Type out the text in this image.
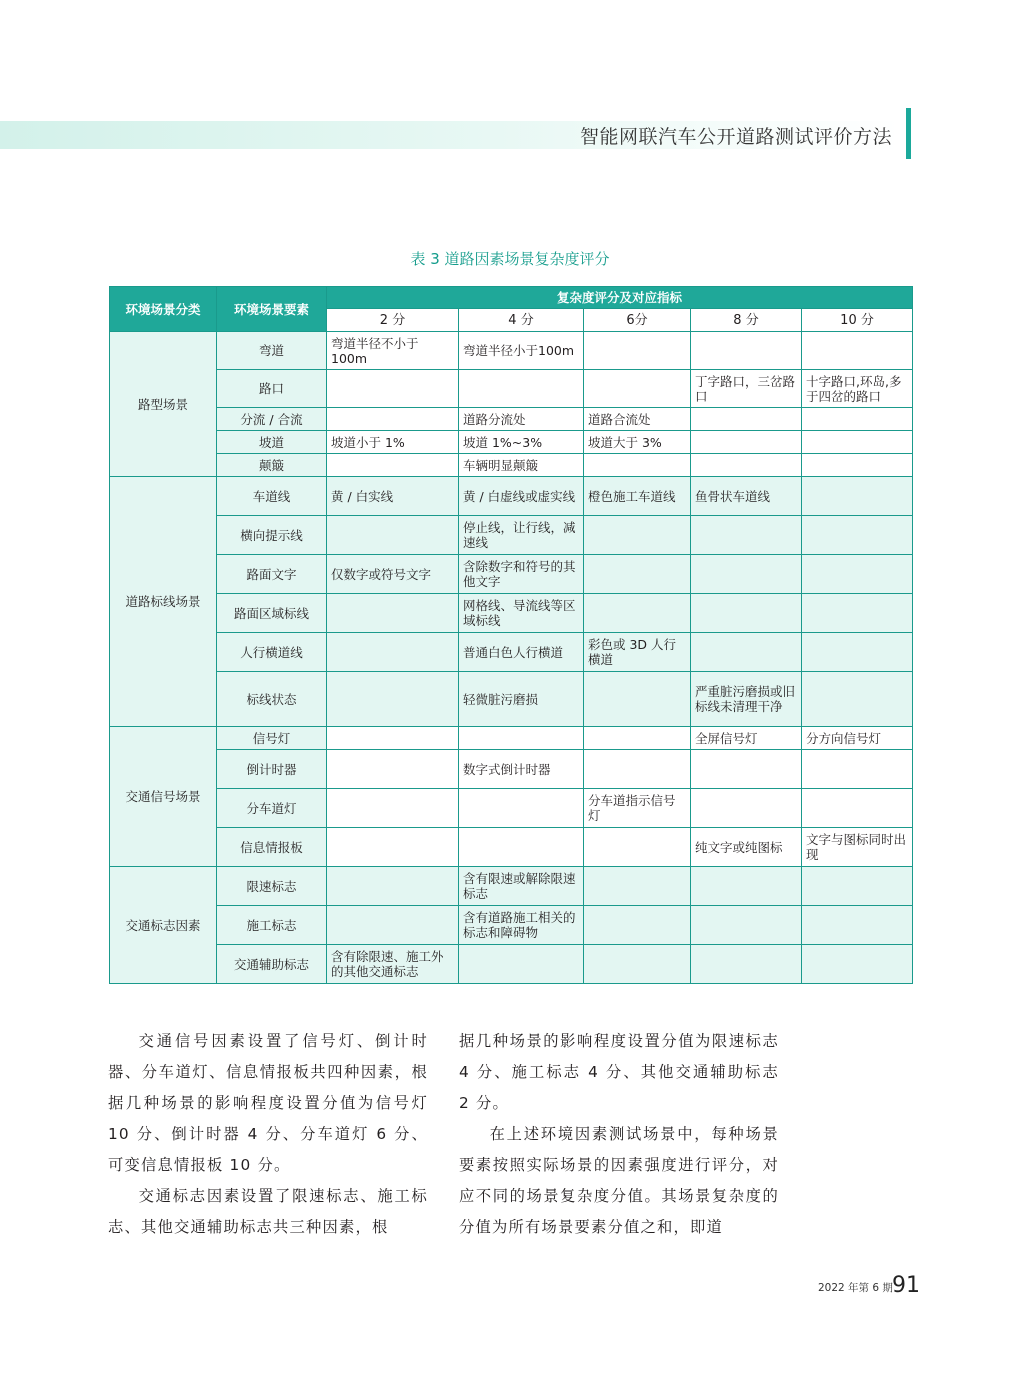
智能网联汽车公开道路测试评价方法
表 3 道路因素场景复杂度评分
环境场景分类	环境场景要素	复杂度评分及对应指标				
		2 分	4 分	6分	8 分	10 分
路型场景	弯道	弯道半径不小于100m	弯道半径小于100m			
	路口				丁字路口，三岔路口	十字路口,环岛,多于四岔的路口
	分流 / 合流		道路分流处	道路合流处		
	坡道	坡道小于 1%	坡道 1%~3%	坡道大于 3%		
	颠簸		车辆明显颠簸			
道路标线场景	车道线	黄 / 白实线	黄 / 白虚线或虚实线	橙色施工车道线	鱼骨状车道线	
	横向提示线		停止线，让行线，减速线			
	路面文字	仅数字或符号文字	含除数字和符号的其他文字			
	路面区域标线		网格线、导流线等区域标线			
	人行横道线		普通白色人行横道	彩色或 3D 人行横道		
	标线状态		轻微脏污磨损		严重脏污磨损或旧标线未清理干净	
交通信号场景	信号灯				全屏信号灯	分方向信号灯
	倒计时器		数字式倒计时器			
	分车道灯			分车道指示信号灯		
	信息情报板				纯文字或纯图标	文字与图标同时出现
交通标志因素	限速标志		含有限速或解除限速标志			
	施工标志		含有道路施工相关的标志和障碍物			
	交通辅助标志	含有除限速、施工外的其他交通标志				
交通信号因素设置了信号灯、倒计时器、分车道灯、信息情报板共四种因素，根据几种场景的影响程度设置分值为信号灯 10 分、倒计时器 4 分、分车道灯 6 分、可变信息情报板 10 分。
交通标志因素设置了限速标志、施工标志、其他交通辅助标志共三种因素，根
据几种场景的影响程度设置分值为限速标志 4 分、施工标志 4 分、其他交通辅助标志 2 分。
在上述环境因素测试场景中，每种场景要素按照实际场景的因素强度进行评分，对应不同的场景复杂度分值。其场景复杂度的分值为所有场景要素分值之和，即道
2022 年第 6 期 91
